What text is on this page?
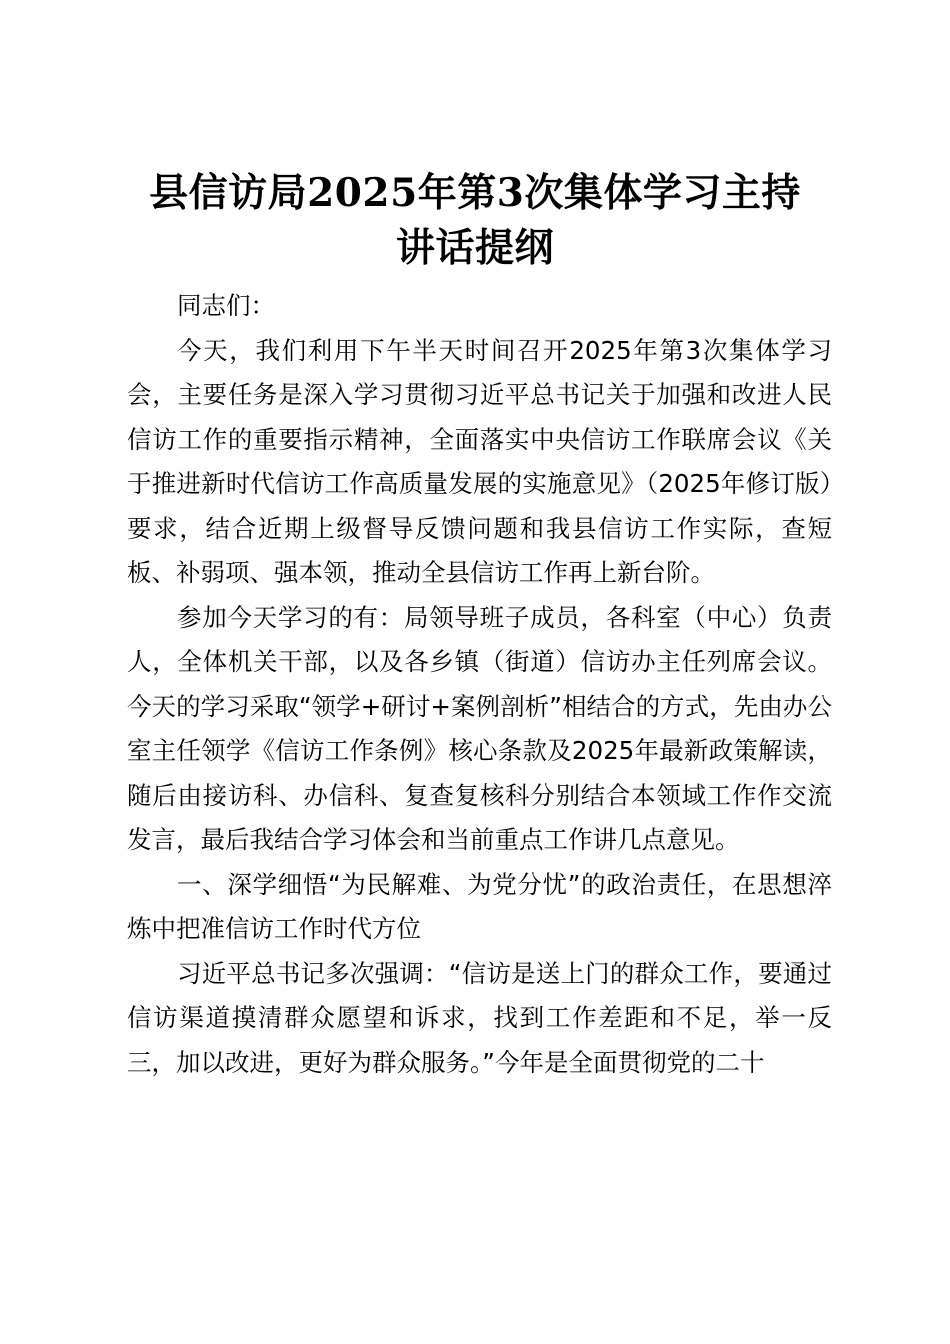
县信访局2025年第3次集体学习主持
讲话提纲

同志们：

今天，我们利用下午半天时间召开2025年第3次集体学习会，主要任务是深入学习贯彻习近平总书记关于加强和改进人民信访工作的重要指示精神，全面落实中央信访工作联席会议《关于推进新时代信访工作高质量发展的实施意见》（2025年修订版）要求，结合近期上级督导反馈问题和我县信访工作实际，查短板、补弱项、强本领，推动全县信访工作再上新台阶。

参加今天学习的有：局领导班子成员，各科室（中心）负责人，全体机关干部，以及各乡镇（街道）信访办主任列席会议。今天的学习采取“领学+研讨+案例剖析”相结合的方式，先由办公室主任领学《信访工作条例》核心条款及2025年最新政策解读，随后由接访科、办信科、复查复核科分别结合本领域工作作交流发言，最后我结合学习体会和当前重点工作讲几点意见。

一、深学细悟“为民解难、为党分忧”的政治责任，在思想淬炼中把准信访工作时代方位

习近平总书记多次强调：“信访是送上门的群众工作，要通过信访渠道摸清群众愿望和诉求，找到工作差距和不足，举一反三，加以改进，更好为群众服务。”今年是全面贯彻党的二十
